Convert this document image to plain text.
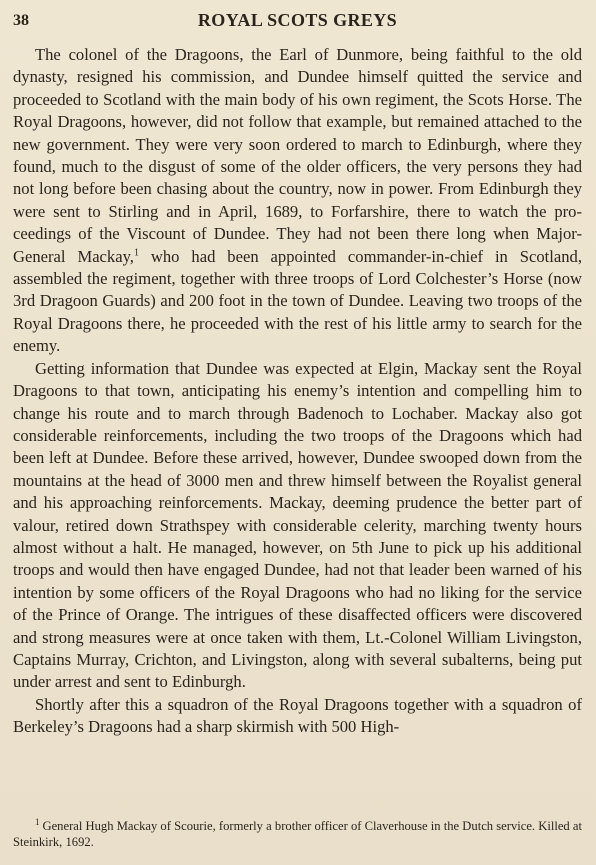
38	ROYAL SCOTS GREYS

The colonel of the Dragoons, the Earl of Dunmore, being faithful to the old dynasty, resigned his commission, and Dundee himself quitted the service and proceeded to Scotland with the main body of his own regiment, the Scots Horse. The Royal Dragoons, however, did not follow that example, but remained attached to the new government. They were very soon ordered to march to Edinburgh, where they found, much to the disgust of some of the older officers, the very persons they had not long before been chasing about the country, now in power. From Edinburgh they were sent to Stirling and in April, 1689, to Forfarshire, there to watch the proceedings of the Viscount of Dundee. They had not been there long when Major-General Mackay,$^1$ who had been appointed commander-in-chief in Scotland, assembled the regiment, together with three troops of Lord Colchester’s Horse (now 3rd Dragoon Guards) and 200 foot in the town of Dundee. Leaving two troops of the Royal Dragoons there, he proceeded with the rest of his little army to search for the enemy.

Getting information that Dundee was expected at Elgin, Mackay sent the Royal Dragoons to that town, anticipating his enemy’s intention and compelling him to change his route and to march through Badenoch to Lochaber. Mackay also got considerable reinforcements, including the two troops of the Dragoons which had been left at Dundee. Before these arrived, however, Dundee swooped down from the mountains at the head of 3000 men and threw himself between the Royalist general and his approaching reinforcements. Mackay, deeming prudence the better part of valour, retired down Strathspey with considerable celerity, marching twenty hours almost without a halt. He managed, however, on 5th June to pick up his additional troops and would then have engaged Dundee, had not that leader been warned of his intention by some officers of the Royal Dragoons who had no liking for the service of the Prince of Orange. The intrigues of these disaffected officers were discovered and strong measures were at once taken with them, Lt.-Colonel William Livingston, Captains Murray, Crichton, and Livingston, along with several subalterns, being put under arrest and sent to Edinburgh.

Shortly after this a squadron of the Royal Dragoons together with a squadron of Berkeley’s Dragoons had a sharp skirmish with 500 High-

$^1$ General Hugh Mackay of Scourie, formerly a brother officer of Claverhouse in the Dutch service. Killed at Steinkirk, 1692.
